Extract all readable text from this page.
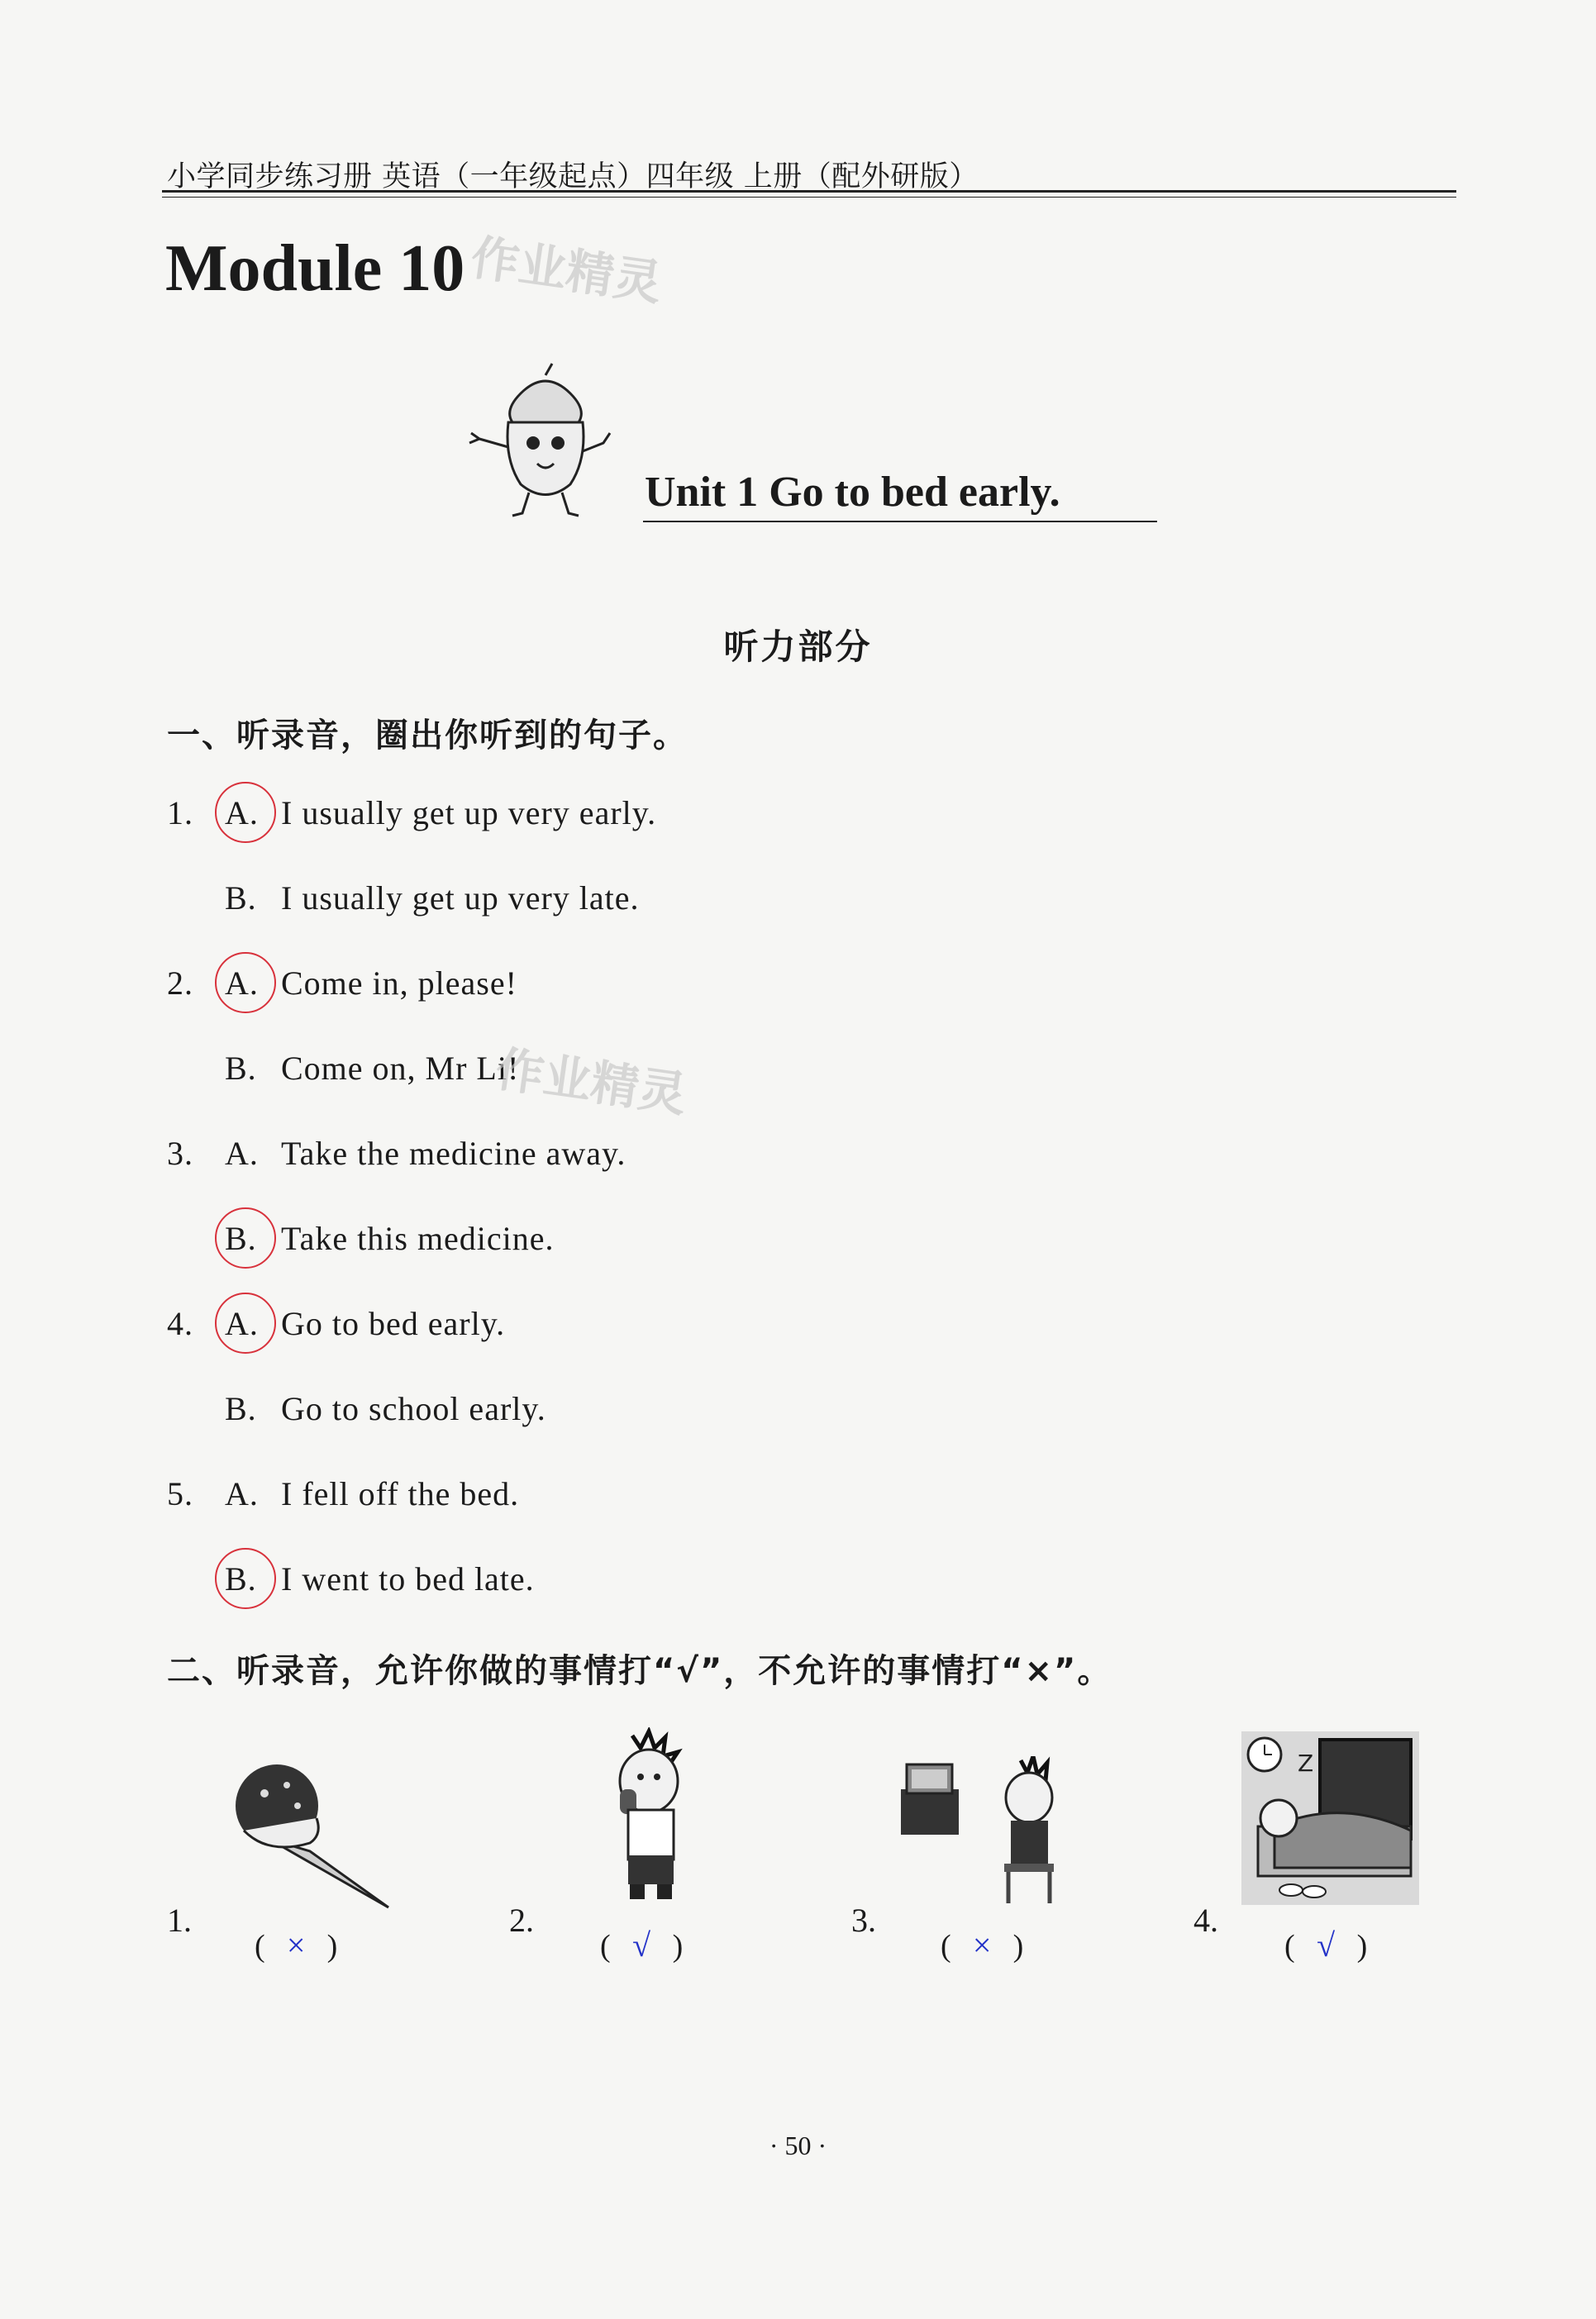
小学同步练习册 英语（一年级起点）四年级 上册（配外研版）
Module 10 作业精灵
Unit 1 Go to bed early.
听力部分
一、听录音，圈出你听到的句子。
1. A. I usually get up very early.
B. I usually get up very late.
2. A. Come in, please!
B. Come on, Mr Li!
作业精灵
3. A. Take the medicine away.
B. Take this medicine.
4. A. Go to bed early.
B. Go to school early.
5. A. I fell off the bed.
B. I went to bed late.
二、听录音，允许你做的事情打“√”，不允许的事情打“×”。
1.
( × )
2.
( √ )
3.
( × )
Z
4.
( √ )
· 50 ·
